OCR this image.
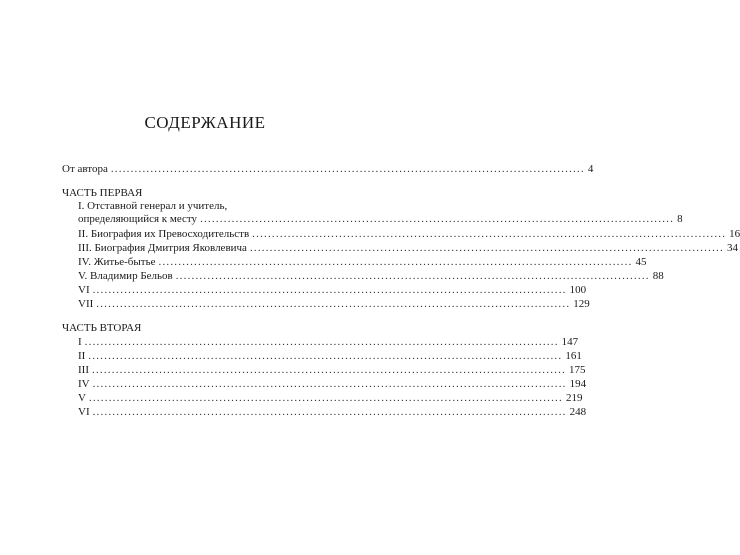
СОДЕРЖАНИЕ
От автора ........................................................................................................................ 4
ЧАСТЬ ПЕРВАЯ
I. Отставной генерал и учитель,
определяющийся к месту ........................................................................................................................ 8
II. Биография их Превосходительств ........................................................................................................................ 16
III. Биография Дмитрия Яковлевича ........................................................................................................................ 34
IV. Житье-бытье ........................................................................................................................ 45
V. Владимир Бельов ........................................................................................................................ 88
VI ........................................................................................................................ 100
VII ........................................................................................................................ 129
ЧАСТЬ ВТОРАЯ
I ........................................................................................................................ 147
II ........................................................................................................................ 161
III ........................................................................................................................ 175
IV ........................................................................................................................ 194
V ........................................................................................................................ 219
VI ........................................................................................................................ 248
